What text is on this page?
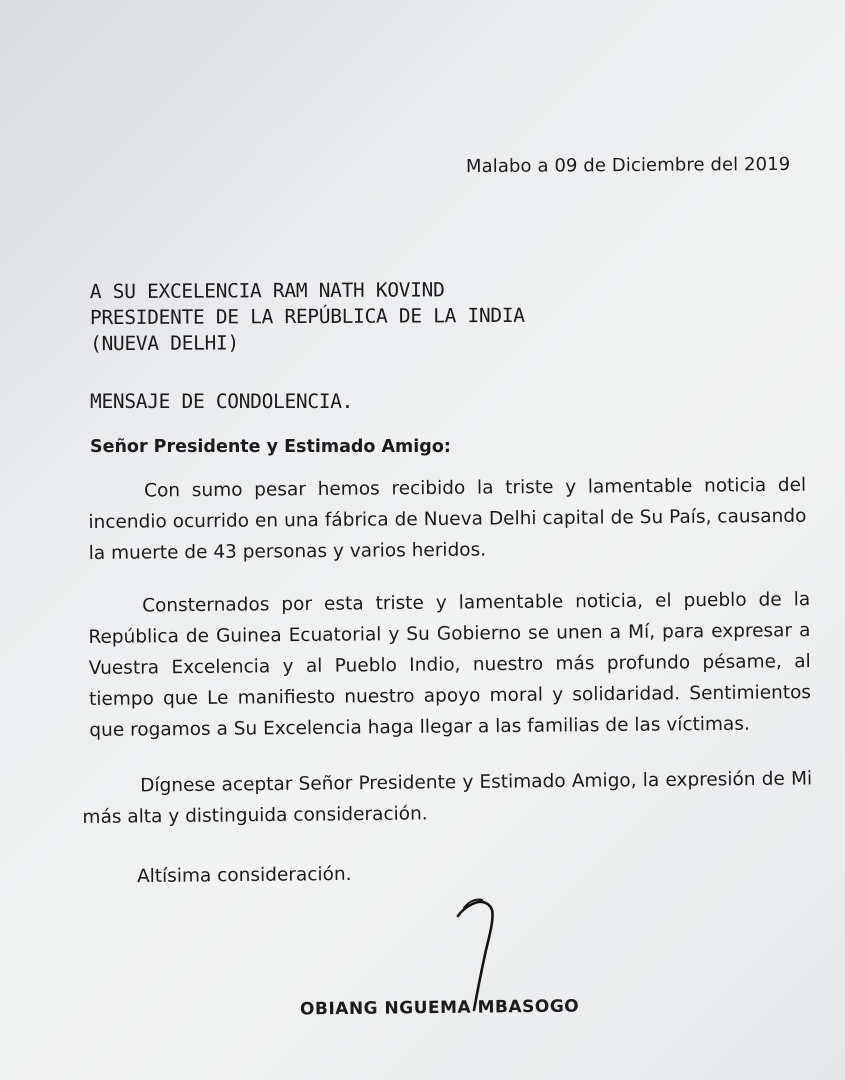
Malabo a 09 de Diciembre del 2019
A SU EXCELENCIA RAM NATH KOVIND
PRESIDENTE DE LA REPÚBLICA DE LA INDIA
(NUEVA DELHI)
MENSAJE DE CONDOLENCIA.
Señor Presidente y Estimado Amigo:

Con sumo pesar hemos recibido la triste y lamentable noticia del incendio ocurrido en una fábrica de Nueva Delhi capital de Su País, causando la muerte de 43 personas y varios heridos.

Consternados por esta triste y lamentable noticia, el pueblo de la República de Guinea Ecuatorial y Su Gobierno se unen a Mí, para expresar a Vuestra Excelencia y al Pueblo Indio, nuestro más profundo pésame, al tiempo que Le manifiesto nuestro apoyo moral y solidaridad. Sentimientos que rogamos a Su Excelencia haga llegar a las familias de las víctimas.

Dígnese aceptar Señor Presidente y Estimado Amigo, la expresión de Mi más alta y distinguida consideración.

Altísima consideración.
OBIANG NGUEMA MBASOGO
